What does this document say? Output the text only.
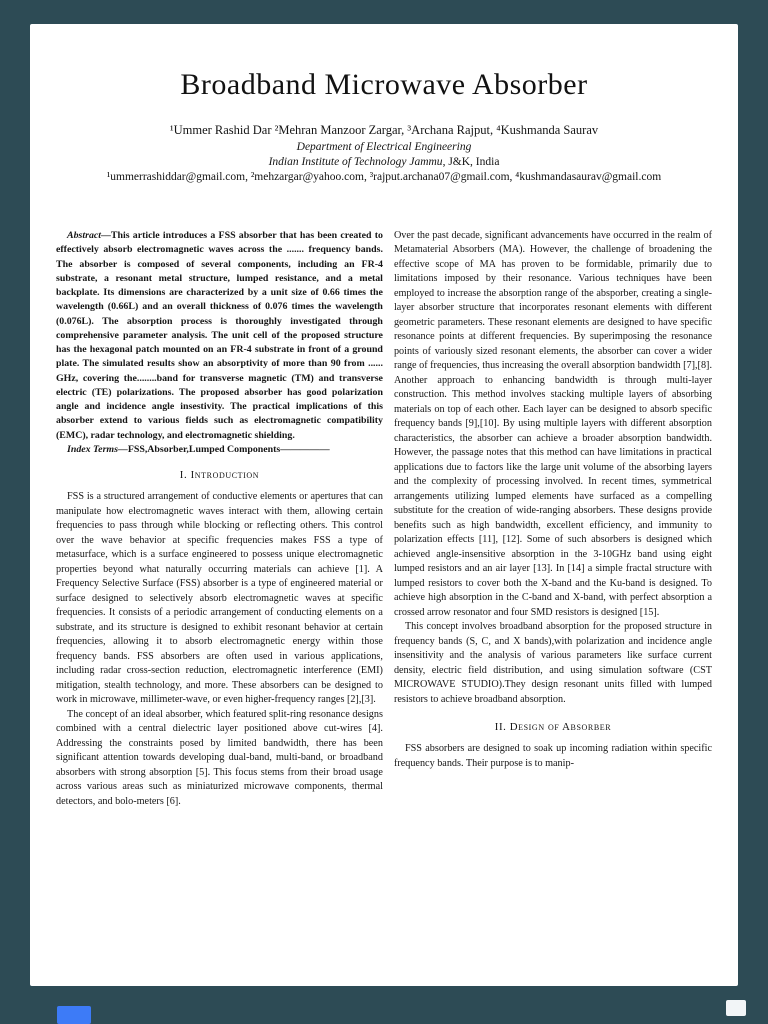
Broadband Microwave Absorber
¹Ummer Rashid Dar ²Mehran Manzoor Zargar, ³Archana Rajput, ⁴Kushmanda Saurav
Department of Electrical Engineering
Indian Institute of Technology Jammu, J&K, India
¹ummerrashiddar@gmail.com, ²mehzargar@yahoo.com, ³rajput.archana07@gmail.com, ⁴kushmandasaurav@gmail.com

Abstract—This article introduces a FSS absorber that has been created to effectively absorb electromagnetic waves across the ....... frequency bands. The absorber is composed of several components, including an FR-4 substrate, a resonant metal structure, lumped resistance, and a metal backplate. Its dimensions are characterized by a unit size of 0.66 times the wavelength (0.66L) and an overall thickness of 0.076 times the wavelength (0.076L). The absorption process is thoroughly investigated through comprehensive parameter analysis. The unit cell of the proposed structure has the hexagonal patch mounted on an FR-4 substrate in front of a ground plate. The simulated results show an absorptivity of more than 90 from ...... GHz, covering the........band for transverse magnetic (TM) and transverse electric (TE) polarizations. The proposed absorber has good polarization angle and incidence angle insestivity. The practical implications of this absorber extend to various fields such as electromagnetic compatibility (EMC), radar technology, and electromagnetic shielding.

Index Terms—FSS,Absorber,Lumped Components—————

I. Introduction

FSS is a structured arrangement of conductive elements or apertures that can manipulate how electromagnetic waves interact with them, allowing certain frequencies to pass through while blocking or reflecting others. This control over the wave behavior at specific frequencies makes FSS a type of metasurface, which is a surface engineered to possess unique electromagnetic properties beyond what naturally occurring materials can achieve [1]. A Frequency Selective Surface (FSS) absorber is a type of engineered material or surface designed to selectively absorb electromagnetic waves at specific frequencies. It consists of a periodic arrangement of conducting elements on a substrate, and its structure is designed to exhibit resonant behavior at certain frequencies, allowing it to absorb electromagnetic energy within those frequency bands. FSS absorbers are often used in various applications, including radar cross-section reduction, electromagnetic interference (EMI) mitigation, stealth technology, and more. These absorbers can be designed to work in microwave, millimeter-wave, or even higher-frequency ranges [2],[3].

The concept of an ideal absorber, which featured split-ring resonance designs combined with a central dielectric layer positioned above cut-wires [4]. Addressing the constraints posed by limited bandwidth, there has been significant attention towards developing dual-band, multi-band, or broadband absorbers with strong absorption [5]. This focus stems from their broad usage across various areas such as miniaturized microwave components, thermal detectors, and bolo-meters [6].

Over the past decade, significant advancements have occurred in the realm of Metamaterial Absorbers (MA). However, the challenge of broadening the effective scope of MA has proven to be formidable, primarily due to limitations imposed by their resonance. Various techniques have been employed to increase the absorption range of the absporber, creating a single-layer absorber structure that incorporates resonant elements with different geometric parameters. These resonant elements are designed to have specific resonance points at different frequencies. By superimposing the resonance points of variously sized resonant elements, the absorber can cover a wider range of frequencies, thus increasing the overall absorption bandwidth [7],[8]. Another approach to enhancing bandwidth is through multi-layer construction. This method involves stacking multiple layers of absorbing materials on top of each other. Each layer can be designed to absorb specific frequency bands [9],[10]. By using multiple layers with different absorption characteristics, the absorber can achieve a broader absorption bandwidth. However, the passage notes that this method can have limitations in practical applications due to factors like the large unit volume of the absorbing layers and the complexity of processing involved. In recent times, symmetrical arrangements utilizing lumped elements have surfaced as a compelling substitute for the creation of wide-ranging absorbers. These designs provide benefits such as high bandwidth, excellent efficiency, and immunity to polarization effects [11], [12]. Some of such absorbers is designed which achieved angle-insensitive absorption in the 3-10GHz band using eight lumped resistors and an air layer [13]. In [14] a simple fractal structure with lumped resistors to cover both the X-band and the Ku-band is designed. To achieve high absorption in the C-band and X-band, with perfect absorption a crossed arrow resonator and four SMD resistors is designed [15].

This concept involves broadband absorption for the proposed structure in frequency bands (S, C, and X bands),with polarization and incidence angle insensitivity and the analysis of various parameters like surface current density, electric field distribution, and using simulation software (CST MICROWAVE STUDIO).They design resonant units filled with lumped resistors to achieve broadband absorption.

II. Design of Absorber

FSS absorbers are designed to soak up incoming radiation within specific frequency bands. Their purpose is to manip-
